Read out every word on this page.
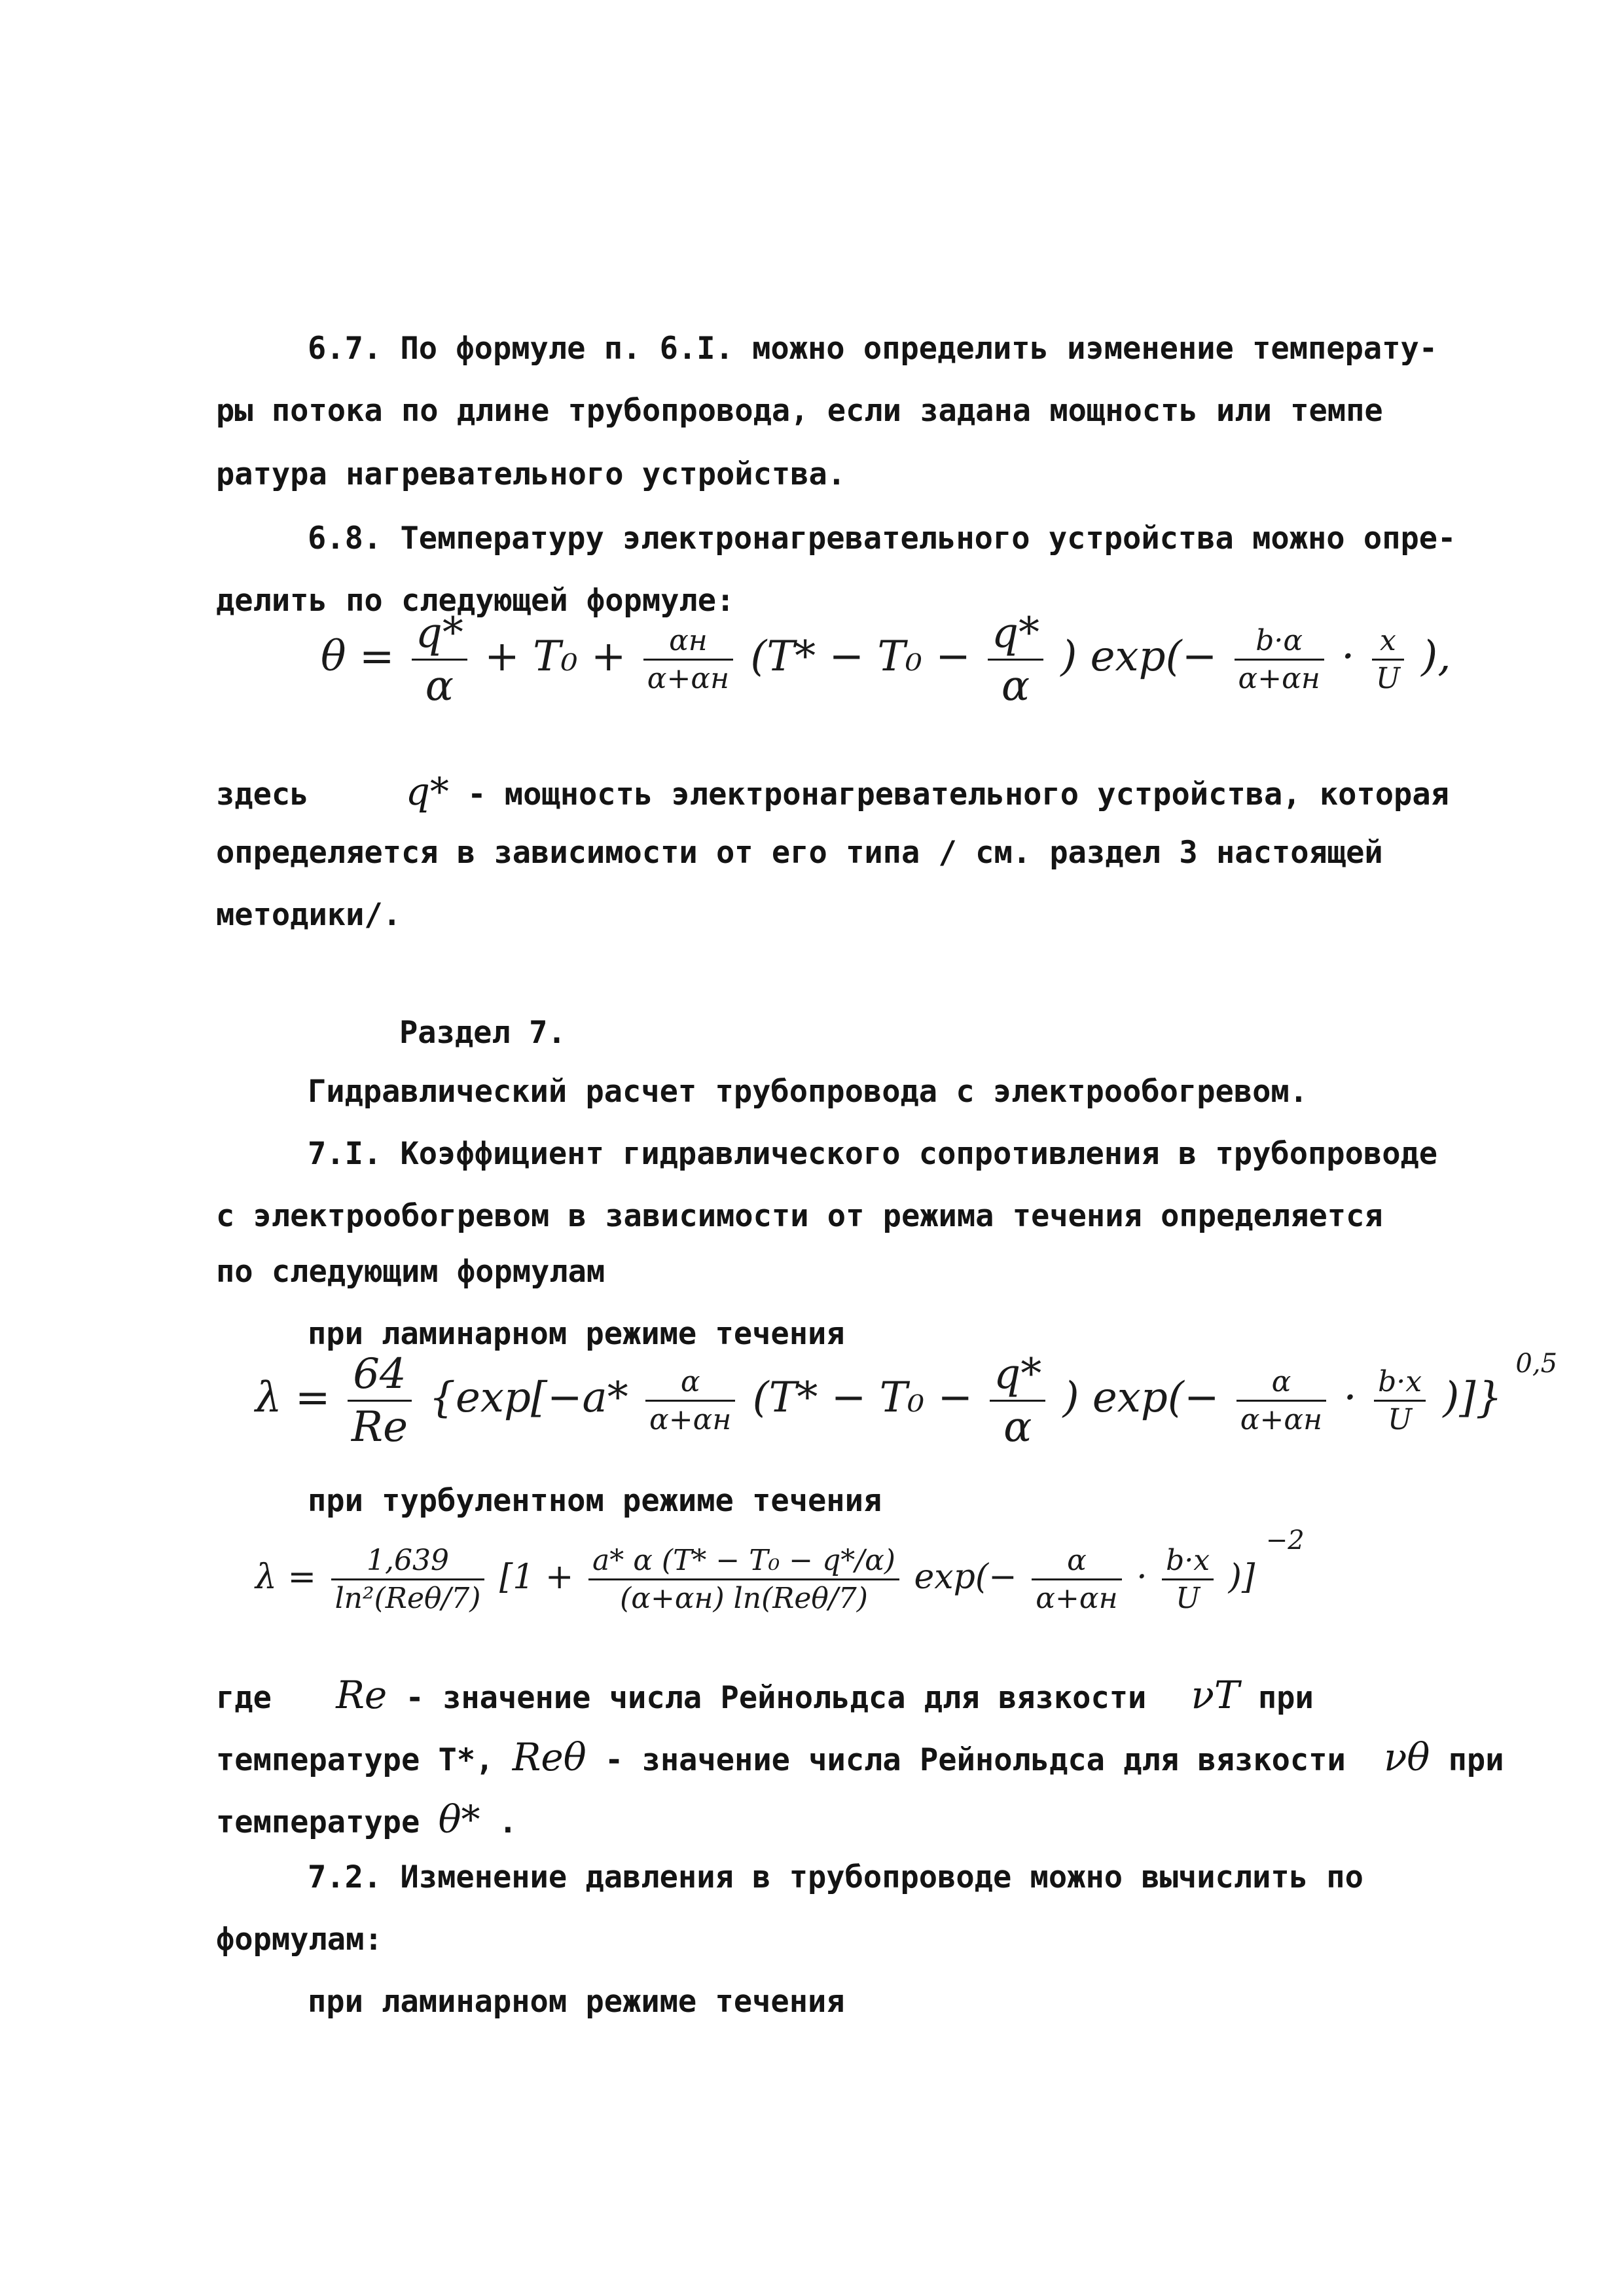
6.7. По формуле п. 6.I. можно определить иэменение температу-
ры потока по длине трубопровода, если задана мощность или темпе
ратура нагревательного устройства.
6.8. Температуру электронагревательного устройства можно опре-
делить по следующей формуле:
$\theta = \frac{q*}{\alpha} + T_0 + \frac{\alpha н}{\alpha+\alpha н} (T* - T_0 - \frac{q*}{\alpha}$ ) $\exp(- \frac{b\cdot\alpha}{\alpha+\alpha н} \cdot \frac{x}{U}$ ),
здесь	q* - мощность электронагревательного устройства, которая
определяется в зависимости от его типа / см. раздел 3 настоящей
методики/.
Раздел 7.
Гидравлический расчет трубопровода с электрообогревом.
7.I. Коэффициент гидравлического сопротивления в трубопроводе
с электрообогревом в зависимости от режима течения определяется
по следующим формулам
при ламинарном режиме течения
$\lambda = \frac{64}{Re} \{\exp[-a* \frac{\alpha}{\alpha+\alpha н} (T* - T_0 - \frac{q*}{\alpha}$ ) $\exp(- \frac{\alpha}{\alpha+\alpha н} \cdot \frac{b\cdot x}{U}$ )]} $^{0,5}$
при турбулентном режиме течения
$\lambda = \frac{1,639}{\text{ln²(Reθ/7)}} [1 + \frac{\text{a* α (T* − T₀ − q*/α)}}{\text{(α+αн) ln(Reθ/7)}} \exp(- \frac{\alpha}{\alpha+\alpha н} \cdot \frac{b\cdot x}{U}$ )] $^{-2}$
где Re - значение числа Рейнольдса для вязкости νT при
температуре T*, Reθ - значение числа Рейнольдса для вязкости νθ при
температуре θ* .
7.2. Изменение давления в трубопроводе можно вычислить по
формулам:
при ламинарном режиме течения
